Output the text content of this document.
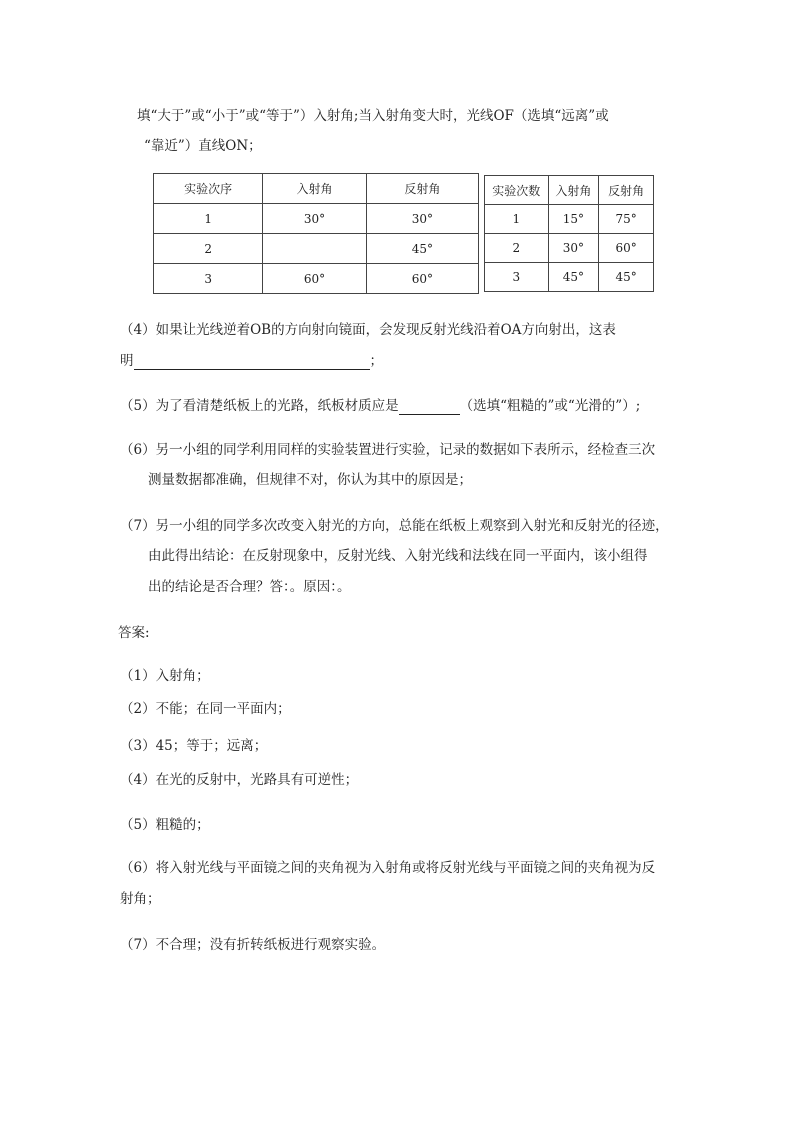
填“大于”或“小于”或“等于”）入射角;当入射角变大时，光线OF（选填“远离”或
“靠近”）直线ON；
实验次序	入射角	反射角
1	30°	30°
2		45°
3	60°	60°
实验次数	入射角	反射角
1	15°	75°
2	30°	60°
3	45°	45°
（4）如果让光线逆着OB的方向射向镜面，会发现反射光线沿着OA方向射出，这表
明	；
（5）为了看清楚纸板上的光路，纸板材质应是	（选填“粗糙的”或“光滑的”）;
（6）另一小组的同学利用同样的实验装置进行实验，记录的数据如下表所示，经检查三次
测量数据都准确，但规律不对，你认为其中的原因是；
（7）另一小组的同学多次改变入射光的方向，总能在纸板上观察到入射光和反射光的径迹，
由此得出结论：在反射现象中，反射光线、入射光线和法线在同一平面内，该小组得
出的结论是否合理？答：。原因：。
答案:
（1）入射角；
（2）不能；在同一平面内；
（3）45；等于；远离；
（4）在光的反射中，光路具有可逆性；
（5）粗糙的；
（6）将入射光线与平面镜之间的夹角视为入射角或将反射光线与平面镜之间的夹角视为反
射角；
（7）不合理；没有折转纸板进行观察实验。
